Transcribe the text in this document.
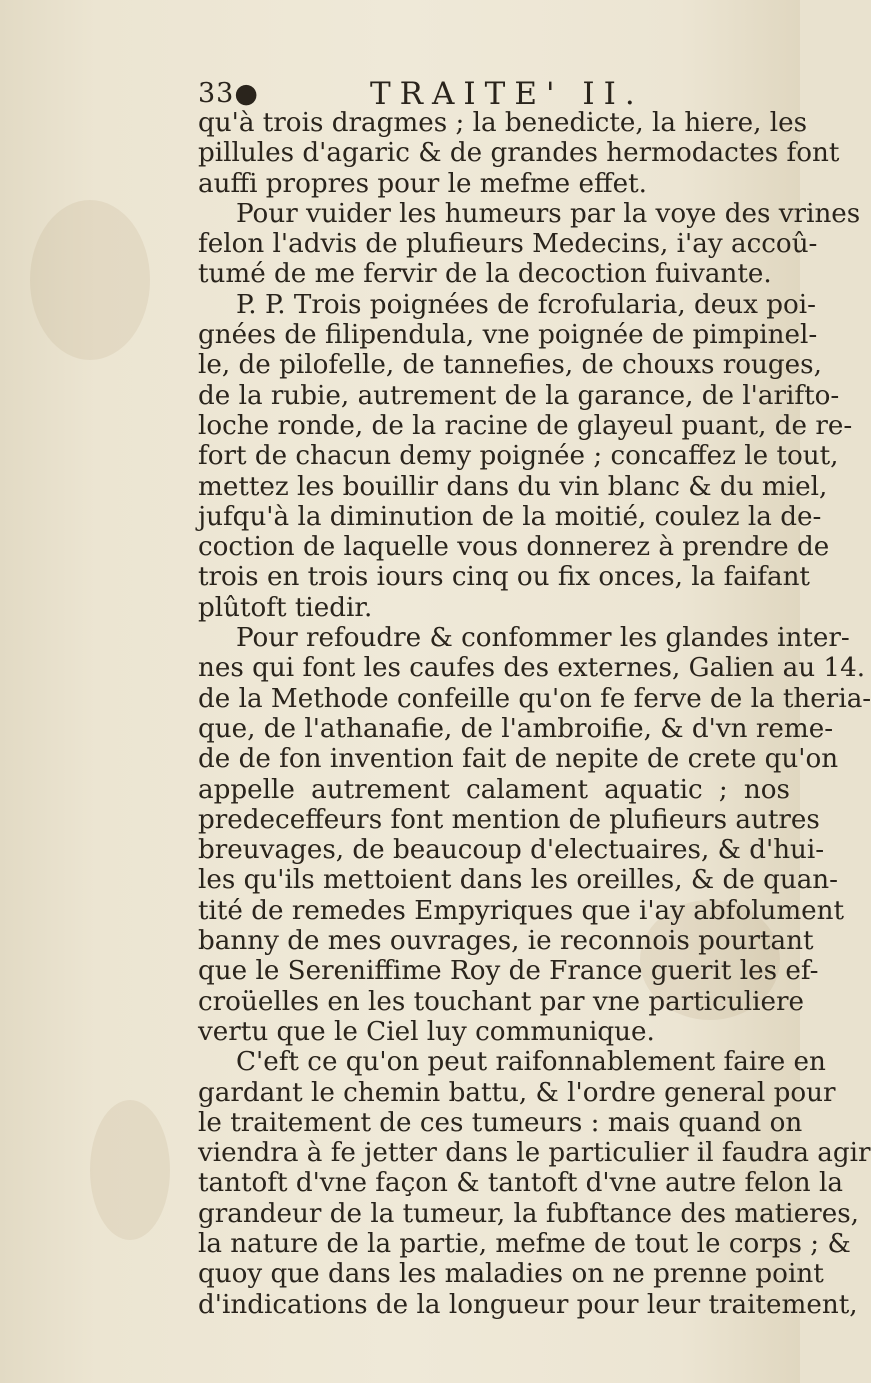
33●	TRAITE' II.
qu'à trois dragmes ; la benedicte, la hiere, les
pillules d'agaric & de grandes hermodactes font
auffi propres pour le mefme effet.
Pour vuider les humeurs par la voye des vrines
felon l'advis de plufieurs Medecins, i'ay accoû-
tumé de me fervir de la decoction fuivante.
P. P. Trois poignées de fcrofularia, deux poi-
gnées de filipendula, vne poignée de pimpinel-
le, de pilofelle, de tannefies, de chouxs rouges,
de la rubie, autrement de la garance, de l'arifto-
loche ronde, de la racine de glayeul puant, de re-
fort de chacun demy poignée ; concaffez le tout,
mettez les bouillir dans du vin blanc & du miel,
jufqu'à la diminution de la moitié, coulez la de-
coction de laquelle vous donnerez à prendre de
trois en trois iours cinq ou fix onces, la faifant
plûtoft tiedir.
Pour refoudre & confommer les glandes inter-
nes qui font les caufes des externes, Galien au 14.
de la Methode confeille qu'on fe ferve de la theria-
que, de l'athanafie, de l'ambroifie, & d'vn reme-
de de fon invention fait de nepite de crete qu'on
appelle autrement calament aquatic ; nos
predeceffeurs font mention de plufieurs autres
breuvages, de beaucoup d'electuaires, & d'hui-
les qu'ils mettoient dans les oreilles, & de quan-
tité de remedes Empyriques que i'ay abfolument
banny de mes ouvrages, ie reconnois pourtant
que le Sereniffime Roy de France guerit les ef-
croüelles en les touchant par vne particuliere
vertu que le Ciel luy communique.
C'eft ce qu'on peut raifonnablement faire en
gardant le chemin battu, & l'ordre general pour
le traitement de ces tumeurs : mais quand on
viendra à fe jetter dans le particulier il faudra agir
tantoft d'vne façon & tantoft d'vne autre felon la
grandeur de la tumeur, la fubftance des matieres,
la nature de la partie, mefme de tout le corps ; &
quoy que dans les maladies on ne prenne point
d'indications de la longueur pour leur traitement,
